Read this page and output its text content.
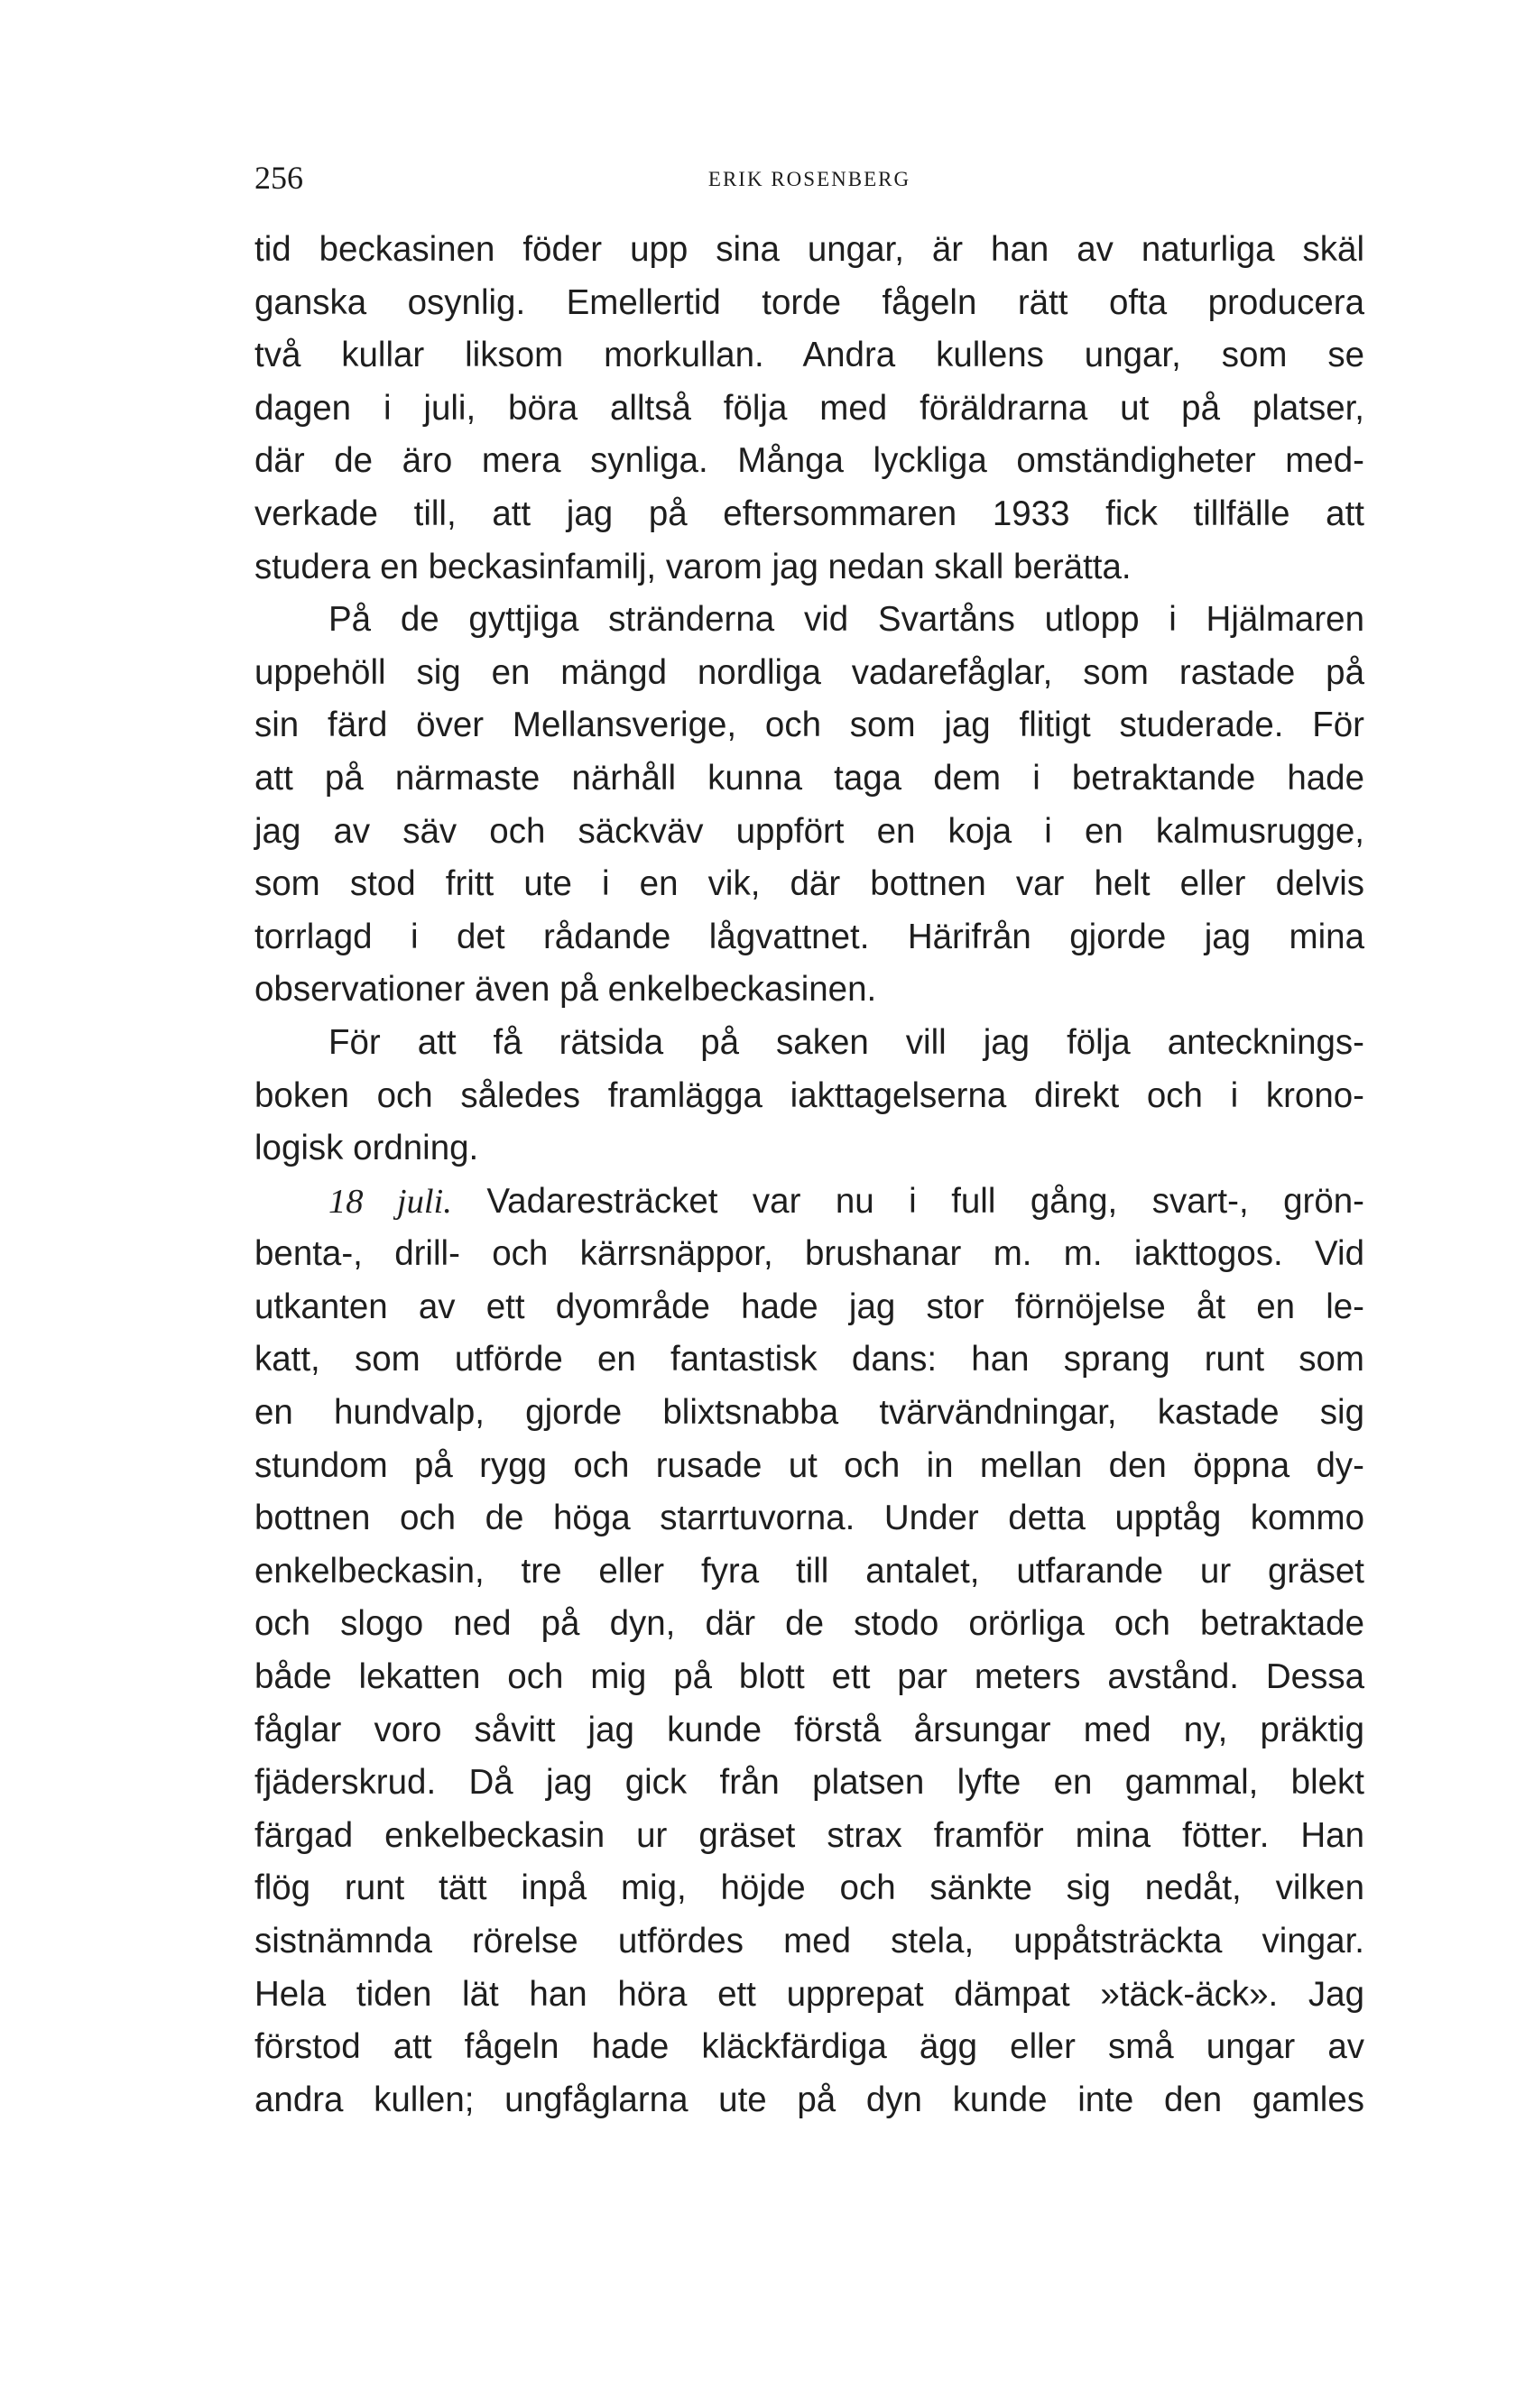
256	ERIK ROSENBERG
tid beckasinen föder upp sina ungar, är han av naturliga skäl
ganska osynlig. Emellertid torde fågeln rätt ofta producera
två kullar liksom morkullan. Andra kullens ungar, som se
dagen i juli, böra alltså följa med föräldrarna ut på platser,
där de äro mera synliga. Många lyckliga omständigheter med-
verkade till, att jag på eftersommaren 1933 fick tillfälle att
studera en beckasinfamilj, varom jag nedan skall berätta.
På de gyttjiga stränderna vid Svartåns utlopp i Hjälmaren
uppehöll sig en mängd nordliga vadarefåglar, som rastade på
sin färd över Mellansverige, och som jag flitigt studerade. För
att på närmaste närhåll kunna taga dem i betraktande hade
jag av säv och säckväv uppfört en koja i en kalmusrugge,
som stod fritt ute i en vik, där bottnen var helt eller delvis
torrlagd i det rådande lågvattnet. Härifrån gjorde jag mina
observationer även på enkelbeckasinen.
För att få rätsida på saken vill jag följa antecknings-
boken och således framlägga iakttagelserna direkt och i krono-
logisk ordning.
18 juli. Vadaresträcket var nu i full gång, svart-, grön-
benta-, drill- och kärrsnäppor, brushanar m. m. iakttogos. Vid
utkanten av ett dyområde hade jag stor förnöjelse åt en le-
katt, som utförde en fantastisk dans: han sprang runt som
en hundvalp, gjorde blixtsnabba tvärvändningar, kastade sig
stundom på rygg och rusade ut och in mellan den öppna dy-
bottnen och de höga starrtuvorna. Under detta upptåg kommo
enkelbeckasin, tre eller fyra till antalet, utfarande ur gräset
och slogo ned på dyn, där de stodo orörliga och betraktade
både lekatten och mig på blott ett par meters avstånd. Dessa
fåglar voro såvitt jag kunde förstå årsungar med ny, präktig
fjäderskrud. Då jag gick från platsen lyfte en gammal, blekt
färgad enkelbeckasin ur gräset strax framför mina fötter. Han
flög runt tätt inpå mig, höjde och sänkte sig nedåt, vilken
sistnämnda rörelse utfördes med stela, uppåtsträckta vingar.
Hela tiden lät han höra ett upprepat dämpat »täck-äck». Jag
förstod att fågeln hade kläckfärdiga ägg eller små ungar av
andra kullen; ungfåglarna ute på dyn kunde inte den gamles
